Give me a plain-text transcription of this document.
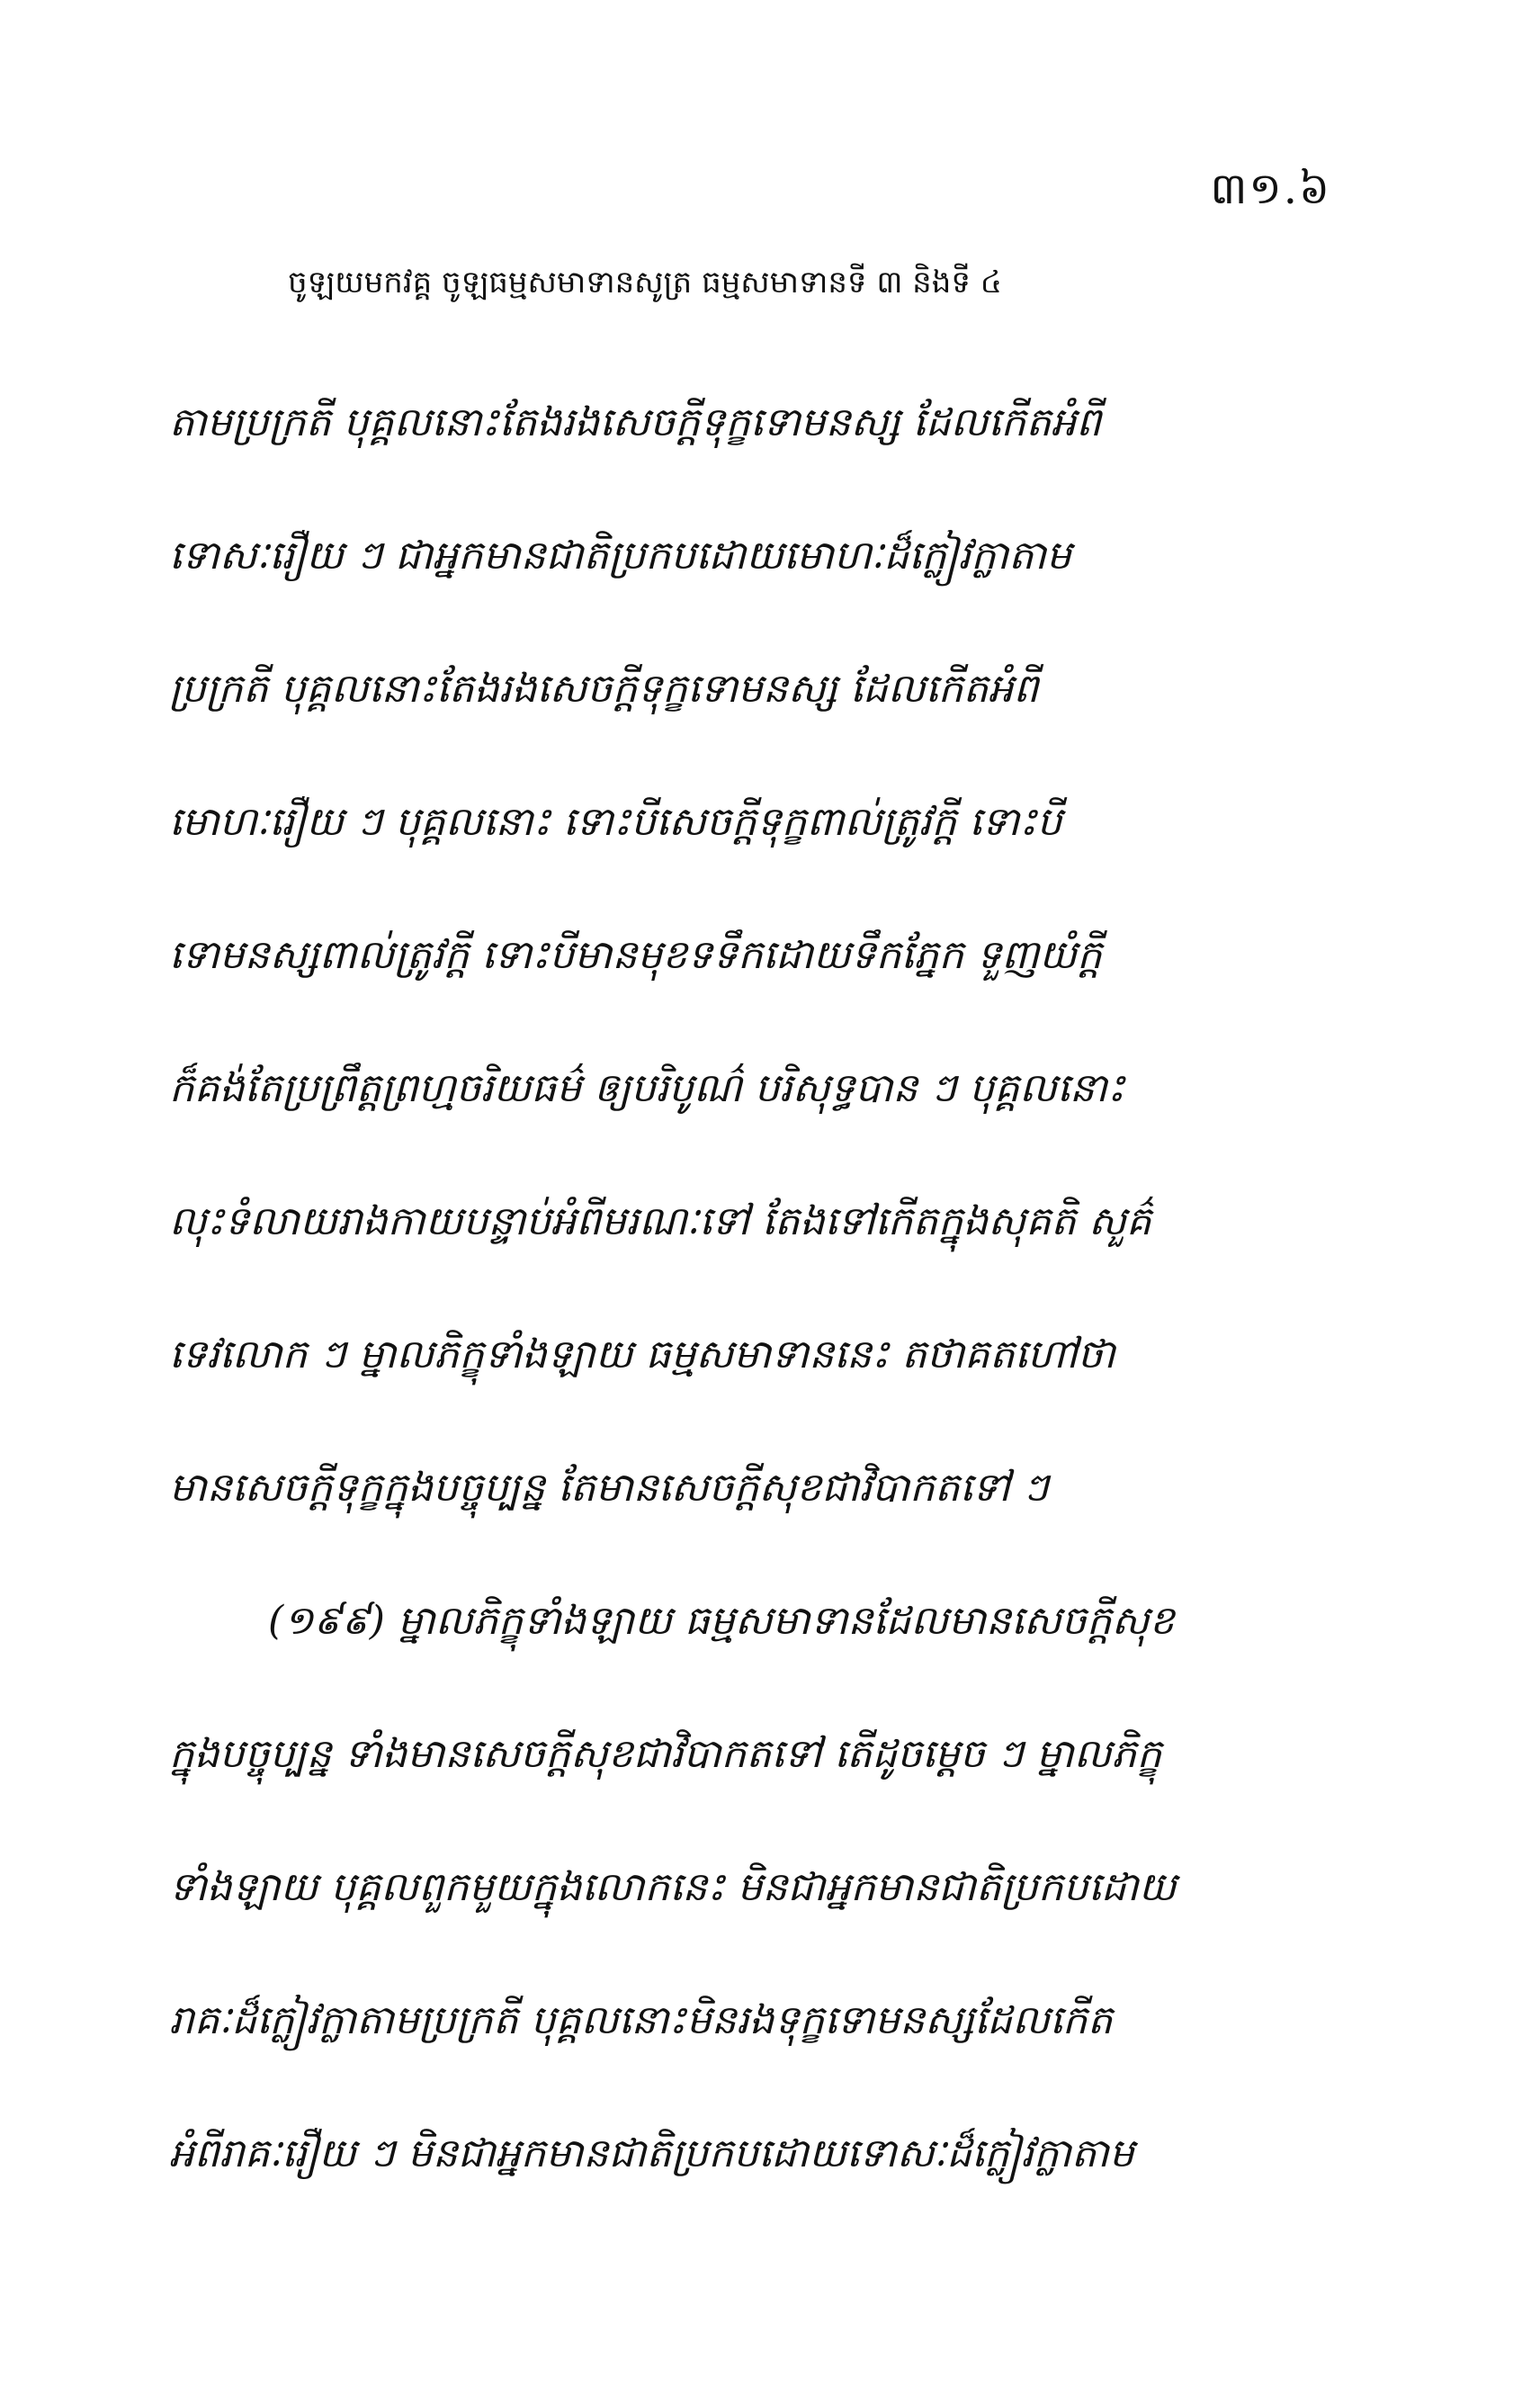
៣១.៦
ចូឡយមកវគ្គ ចូឡធម្មសមាទានសូត្រ ធម្មសមាទានទី ៣ និងទី ៤
តាមប្រក្រតី បុគ្គលនោះតែងរងសេចក្តីទុក្ខទោមនស្ស ដែលកើតអំពី
ទោសៈរឿយ ៗ ជាអ្នកមានជាតិប្រកបដោយមោហៈដ៏ក្លៀវក្លាតាម
ប្រក្រតី បុគ្គលនោះតែងរងសេចក្តីទុក្ខទោមនស្ស ដែលកើតអំពី
មោហៈរឿយ ៗ បុគ្គលនោះ ទោះបីសេចក្តីទុក្ខពាល់ត្រូវក្តី ទោះបី
ទោមនស្សពាល់ត្រូវក្តី ទោះបីមានមុខទទឹកដោយទឹកភ្នែក ទួញយំក្តី
ក៏គង់តែប្រព្រឹត្តព្រហ្មចរិយធម៌ ឲ្យបរិបូណ៌ បរិសុទ្ធបាន ៗ បុគ្គលនោះ
លុះទំលាយរាងកាយបន្ទាប់អំពីមរណៈទៅ តែងទៅកើតក្នុងសុគតិ សួគ៌
ទេវលោក ៗ ម្នាលភិក្ខុទាំងឡាយ ធម្មសមាទាននេះ តថាគតហៅថា
មានសេចក្តីទុក្ខក្នុងបច្ចុប្បន្ន តែមានសេចក្តីសុខជាវិបាកតទៅ ៗ
(១៩៩) ម្នាលភិក្ខុទាំងឡាយ ធម្មសមាទានដែលមានសេចក្តីសុខ
ក្នុងបច្ចុប្បន្ន ទាំងមានសេចក្តីសុខជាវិបាកតទៅ តើដូចម្តេច ៗ ម្នាលភិក្ខុ
ទាំងឡាយ បុគ្គលពួកមួយក្នុងលោកនេះ មិនជាអ្នកមានជាតិប្រកបដោយ
រាគៈដ៏ក្លៀវក្លាតាមប្រក្រតី បុគ្គលនោះមិនរងទុក្ខទោមនស្សដែលកើត
អំពីរាគៈរឿយ ៗ មិនជាអ្នកមានជាតិប្រកបដោយទោសៈដ៏ក្លៀវក្លាតាម
